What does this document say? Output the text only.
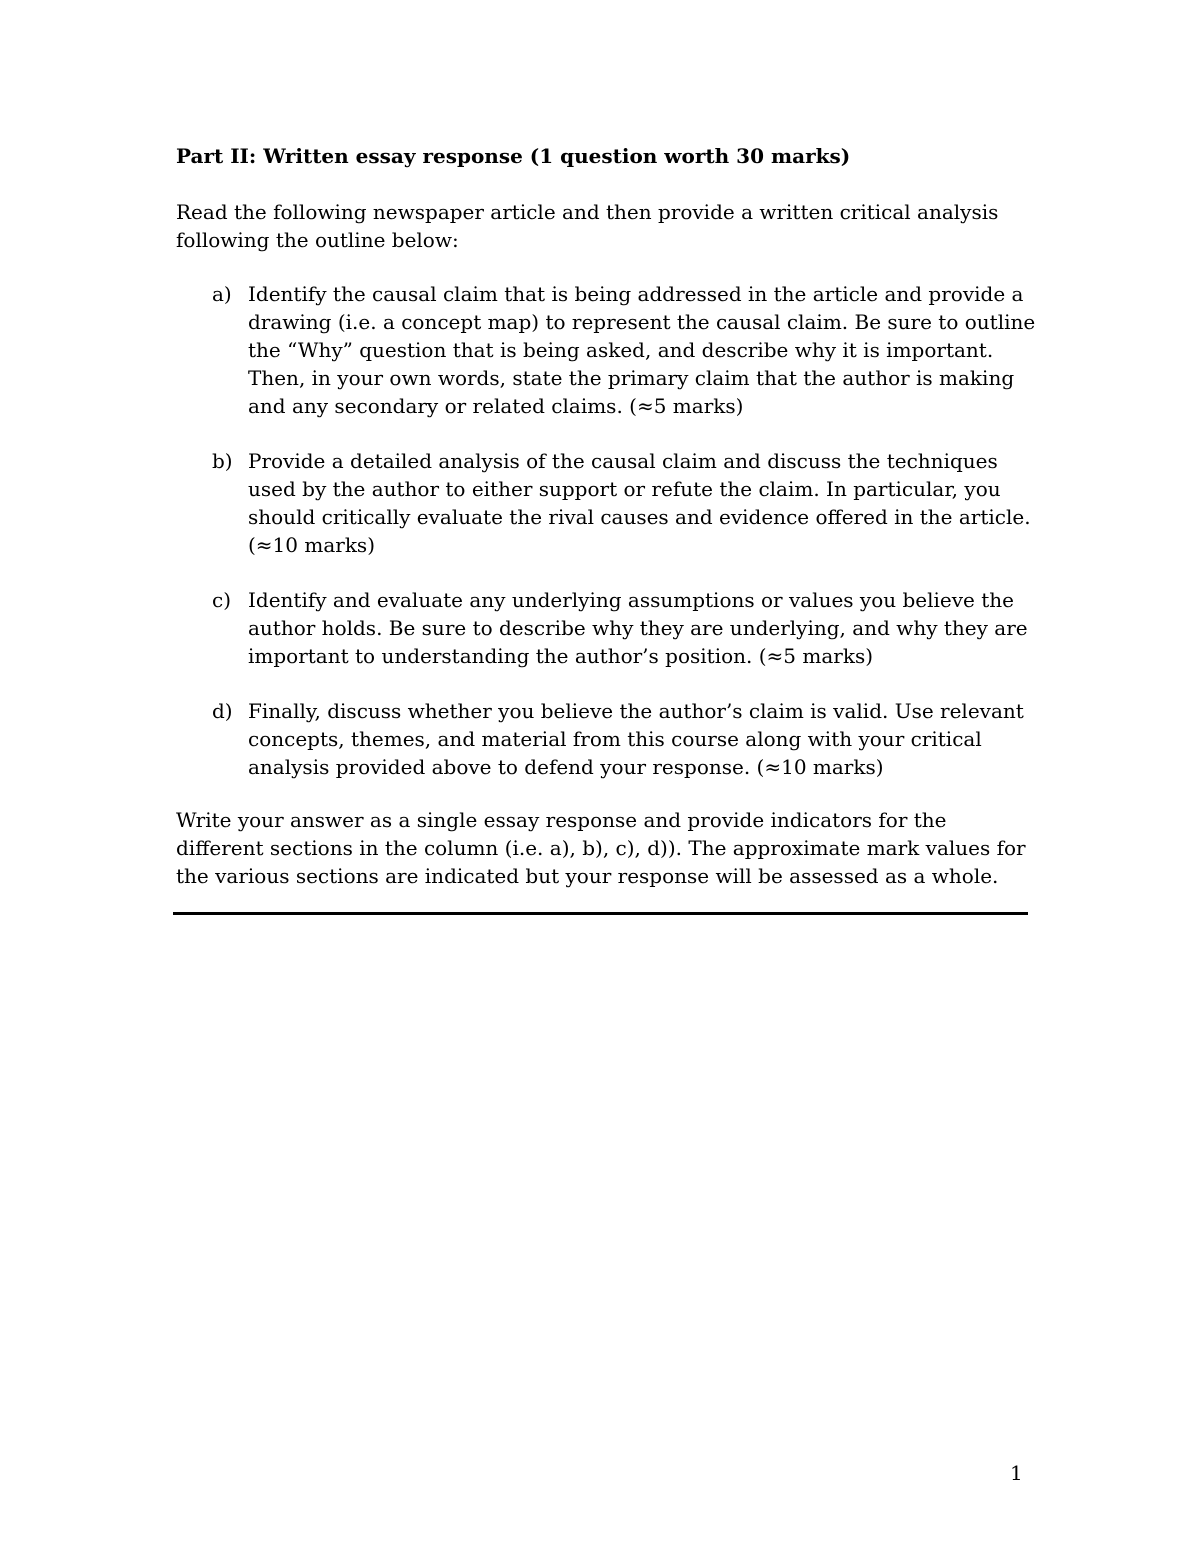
Part II: Written essay response (1 question worth 30 marks)

Read the following newspaper article and then provide a written critical analysis following the outline below:

a) Identify the causal claim that is being addressed in the article and provide a drawing (i.e. a concept map) to represent the causal claim. Be sure to outline the “Why” question that is being asked, and describe why it is important. Then, in your own words, state the primary claim that the author is making and any secondary or related claims. (≈5 marks)
b) Provide a detailed analysis of the causal claim and discuss the techniques used by the author to either support or refute the claim. In particular, you should critically evaluate the rival causes and evidence offered in the article. (≈10 marks)
c) Identify and evaluate any underlying assumptions or values you believe the author holds. Be sure to describe why they are underlying, and why they are important to understanding the author’s position. (≈5 marks)
d) Finally, discuss whether you believe the author’s claim is valid. Use relevant concepts, themes, and material from this course along with your critical analysis provided above to defend your response. (≈10 marks)

Write your answer as a single essay response and provide indicators for the different sections in the column (i.e. a), b), c), d)). The approximate mark values for the various sections are indicated but your response will be assessed as a whole.

1
